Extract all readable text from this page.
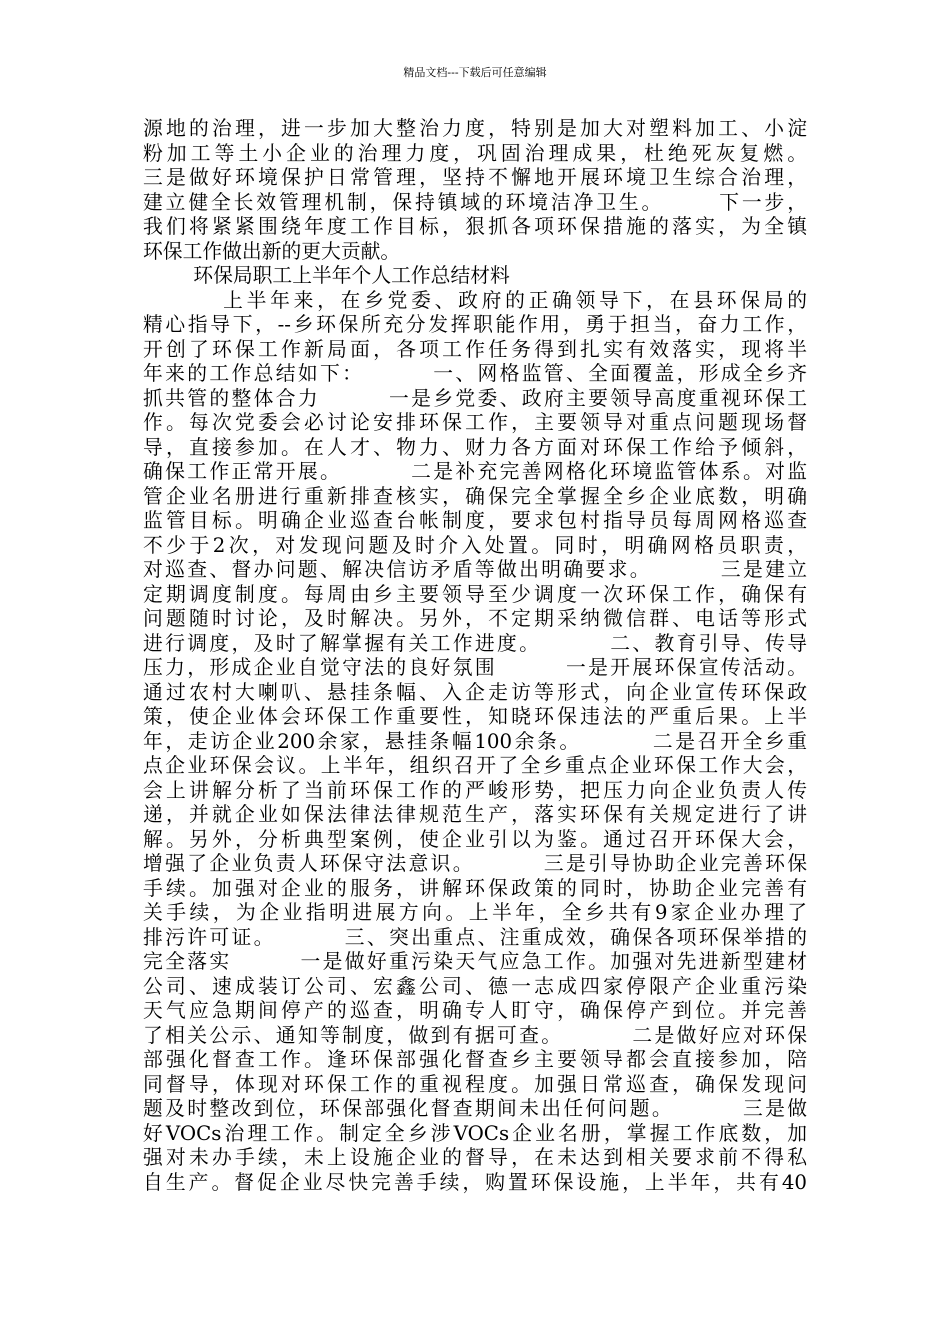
精品文档---下载后可任意编辑
源地的治理，进一步加大整治力度，特别是加大对塑料加工、小淀
粉加工等土小企业的治理力度，巩固治理成果，杜绝死灰复燃。
三是做好环境保护日常管理，坚持不懈地开展环境卫生综合治理，
建立健全长效管理机制，保持镇域的环境洁净卫生。      下一步，
我们将紧紧围绕年度工作目标，狠抓各项环保措施的落实，为全镇
环保工作做出新的更大贡献。
环保局职工上半年个人工作总结材料
上半年来，在乡党委、政府的正确领导下，在县环保局的
精心指导下，--乡环保所充分发挥职能作用，勇于担当，奋力工作，
开创了环保工作新局面，各项工作任务得到扎实有效落实，现将半
年来的工作总结如下：        一、网格监管、全面覆盖，形成全乡齐
抓共管的整体合力        一是乡党委、政府主要领导高度重视环保工
作。每次党委会必讨论安排环保工作，主要领导对重点问题现场督
导，直接参加。在人才、物力、财力各方面对环保工作给予倾斜，
确保工作正常开展。        二是补充完善网格化环境监管体系。对监
管企业名册进行重新排查核实，确保完全掌握全乡企业底数，明确
监管目标。明确企业巡查台帐制度，要求包村指导员每周网格巡查
不少于2次，对发现问题及时介入处置。同时，明确网格员职责，
对巡查、督办问题、解决信访矛盾等做出明确要求。        三是建立
定期调度制度。每周由乡主要领导至少调度一次环保工作，确保有
问题随时讨论，及时解决。另外，不定期采纳微信群、电话等形式
进行调度，及时了解掌握有关工作进度。        二、教育引导、传导
压力，形成企业自觉守法的良好氛围        一是开展环保宣传活动。
通过农村大喇叭、悬挂条幅、入企走访等形式，向企业宣传环保政
策，使企业体会环保工作重要性，知晓环保违法的严重后果。上半
年，走访企业200余家，悬挂条幅100余条。        二是召开全乡重
点企业环保会议。上半年，组织召开了全乡重点企业环保工作大会，
会上讲解分析了当前环保工作的严峻形势，把压力向企业负责人传
递，并就企业如保法律法律规范生产，落实环保有关规定进行了讲
解。另外，分析典型案例，使企业引以为鉴。通过召开环保大会，
增强了企业负责人环保守法意识。        三是引导协助企业完善环保
手续。加强对企业的服务，讲解环保政策的同时，协助企业完善有
关手续，为企业指明进展方向。上半年，全乡共有9家企业办理了
排污许可证。        三、突出重点、注重成效，确保各项环保举措的
完全落实        一是做好重污染天气应急工作。加强对先进新型建材
公司、速成装订公司、宏鑫公司、德一志成四家停限产企业重污染
天气应急期间停产的巡查，明确专人盯守，确保停产到位。并完善
了相关公示、通知等制度，做到有据可查。        二是做好应对环保
部强化督查工作。逢环保部强化督查乡主要领导都会直接参加，陪
同督导，体现对环保工作的重视程度。加强日常巡查，确保发现问
题及时整改到位，环保部强化督查期间未出任何问题。        三是做
好VOCs治理工作。制定全乡涉VOCs企业名册，掌握工作底数，加
强对未办手续，未上设施企业的督导，在未达到相关要求前不得私
自生产。督促企业尽快完善手续，购置环保设施，上半年，共有40
